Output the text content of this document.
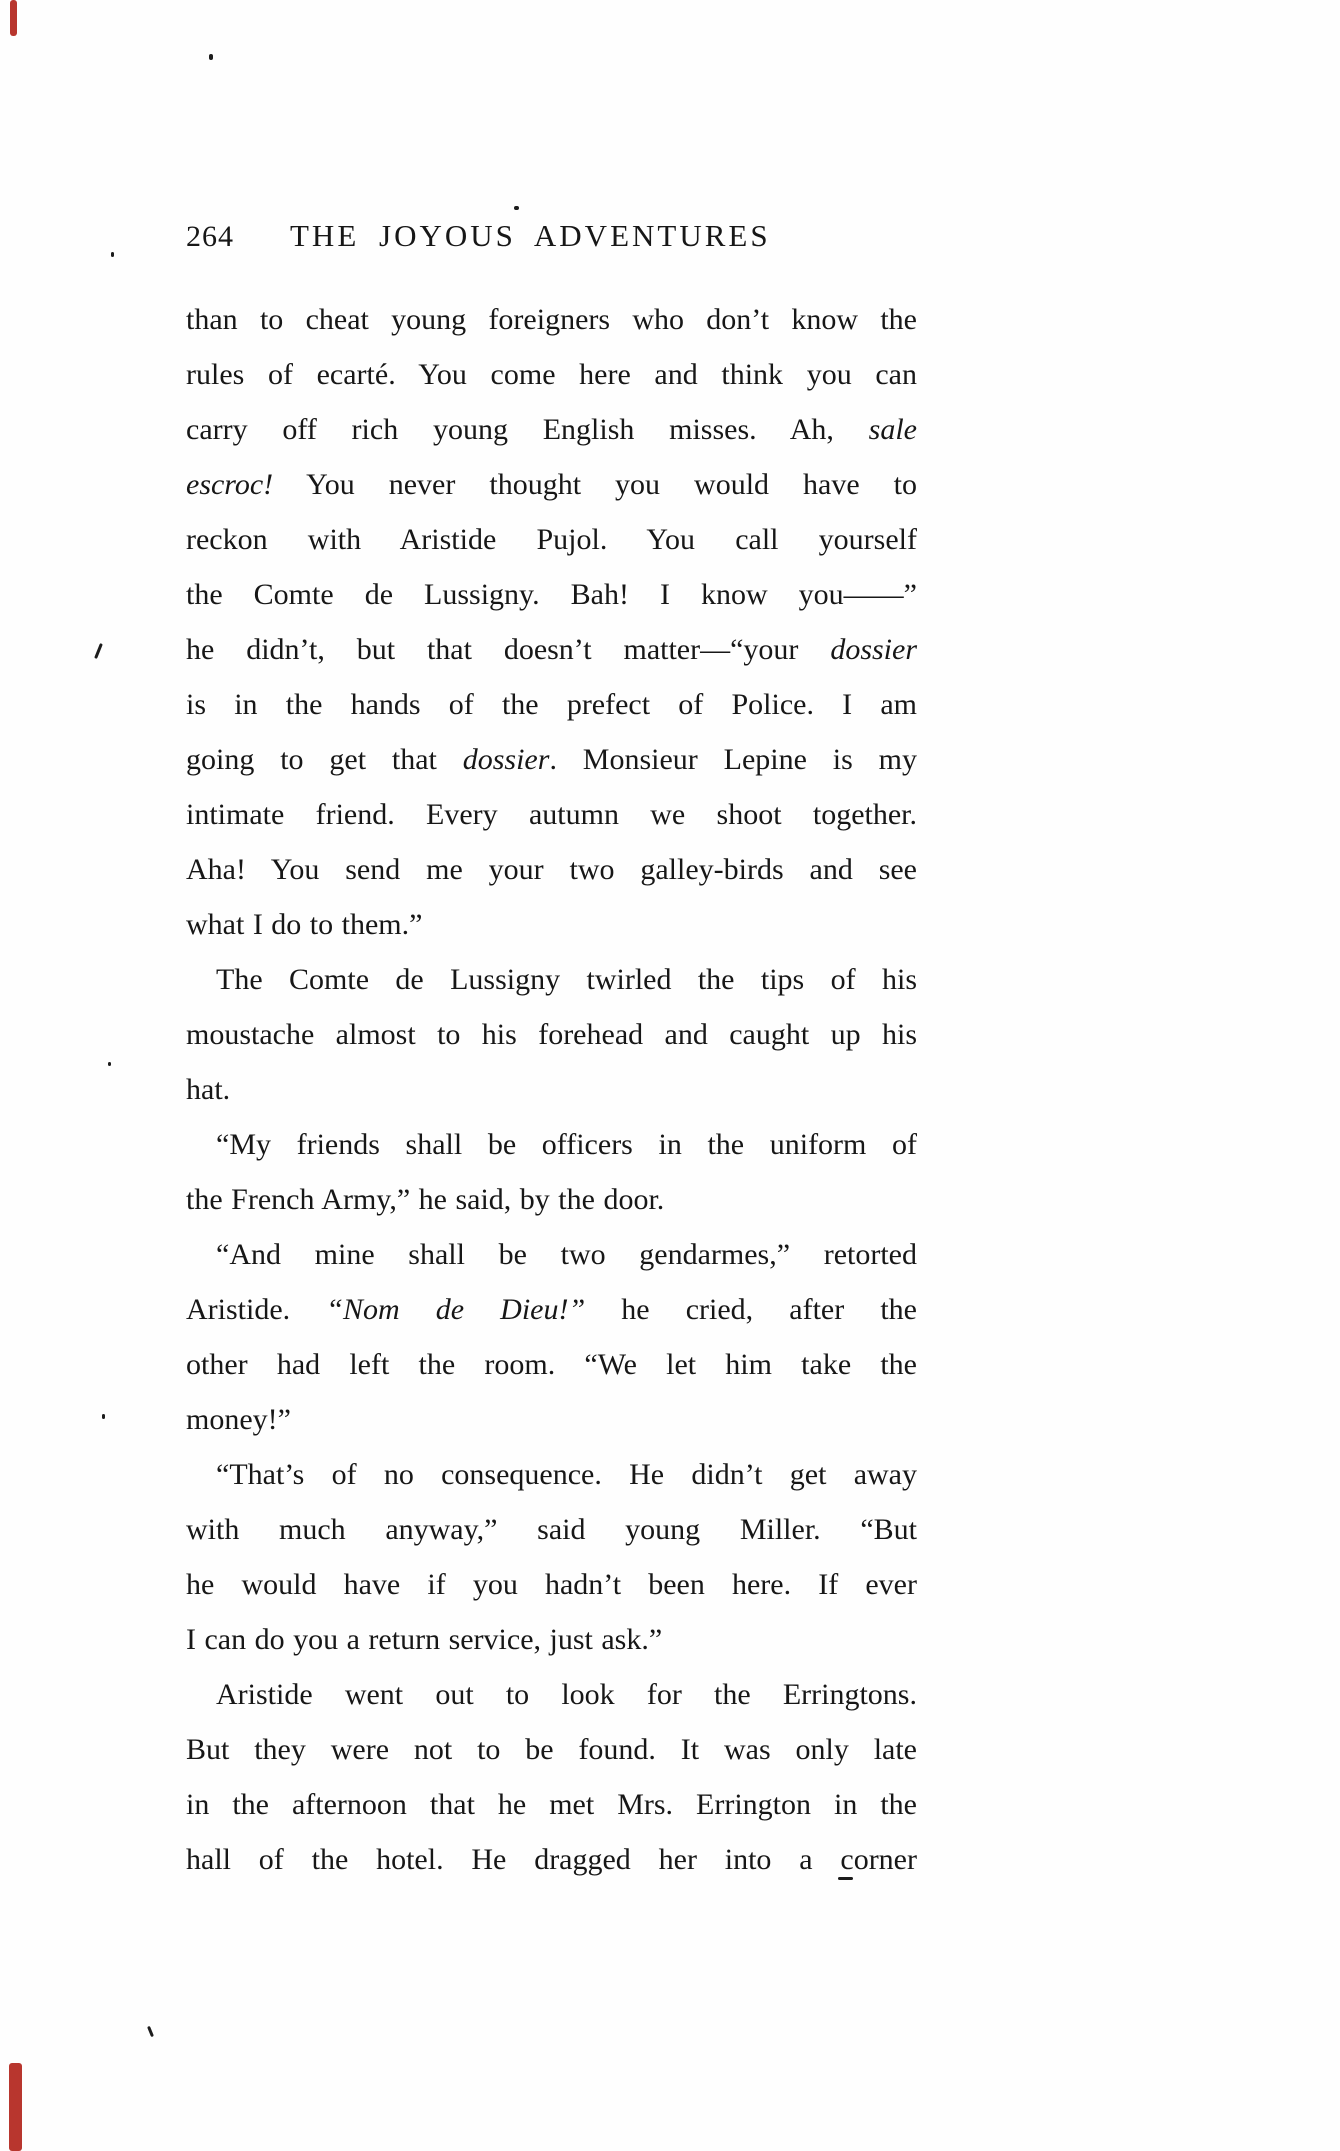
264 THE JOYOUS ADVENTURES
than to cheat young foreigners who don’t know the
rules of ecarté. You come here and think you can
carry off rich young English misses. Ah, sale
escroc! You never thought you would have to
reckon with Aristide Pujol. You call yourself
the Comte de Lussigny. Bah! I know you——”
he didn’t, but that doesn’t matter—“your dossier
is in the hands of the prefect of Police. I am
going to get that dossier. Monsieur Lepine is my
intimate friend. Every autumn we shoot together.
Aha! You send me your two galley-birds and see
what I do to them.”
The Comte de Lussigny twirled the tips of his
moustache almost to his forehead and caught up his
hat.
“My friends shall be officers in the uniform of
the French Army,” he said, by the door.
“And mine shall be two gendarmes,” retorted
Aristide. “Nom de Dieu!” he cried, after the
other had left the room. “We let him take the
money!”
“That’s of no consequence. He didn’t get away
with much anyway,” said young Miller. “But
he would have if you hadn’t been here. If ever
I can do you a return service, just ask.”
Aristide went out to look for the Erringtons.
But they were not to be found. It was only late
in the afternoon that he met Mrs. Errington in the
hall of the hotel. He dragged her into a corner
